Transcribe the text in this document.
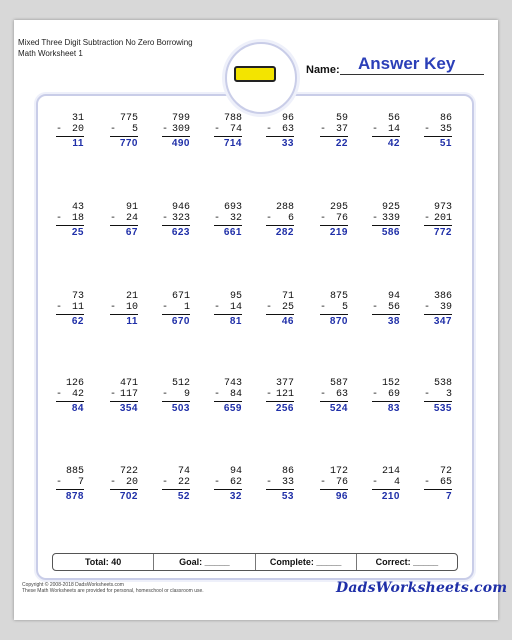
Mixed Three Digit Subtraction No Zero Borrowing
Math Worksheet 1
Name: Answer Key
31
- 20
11
775
-	5
770
799
- 309
490
788
- 74
714
96
- 63
33
59
- 37
22
56
- 14
42
86
- 35
51
43
- 18
25
91
- 24
67
946
- 323
623
693
- 32
661
288
-	6
282
295
- 76
219
925
- 339
586
973
- 201
772
73
- 11
62
21
- 10
11
671
-	1
670
95
- 14
81
71
- 25
46
875
-	5
870
94
- 56
38
386
- 39
347
126
- 42
84
471
- 117
354
512
-	9
503
743
- 84
659
377
- 121
256
587
- 63
524
152
- 69
83
538
-	3
535
885
-	7
878
722
- 20
702
74
- 22
52
94
- 62
32
86
- 33
53
172
- 76
96
214
-	4
210
72
- 65
7
Total: 40	Goal: _____	Complete: _____	Correct: _____
Copyright © 2008-2018 DadsWorksheets.com
These Math Worksheets are provided for personal, homeschool or classroom use.	DadsWorksheets.com
